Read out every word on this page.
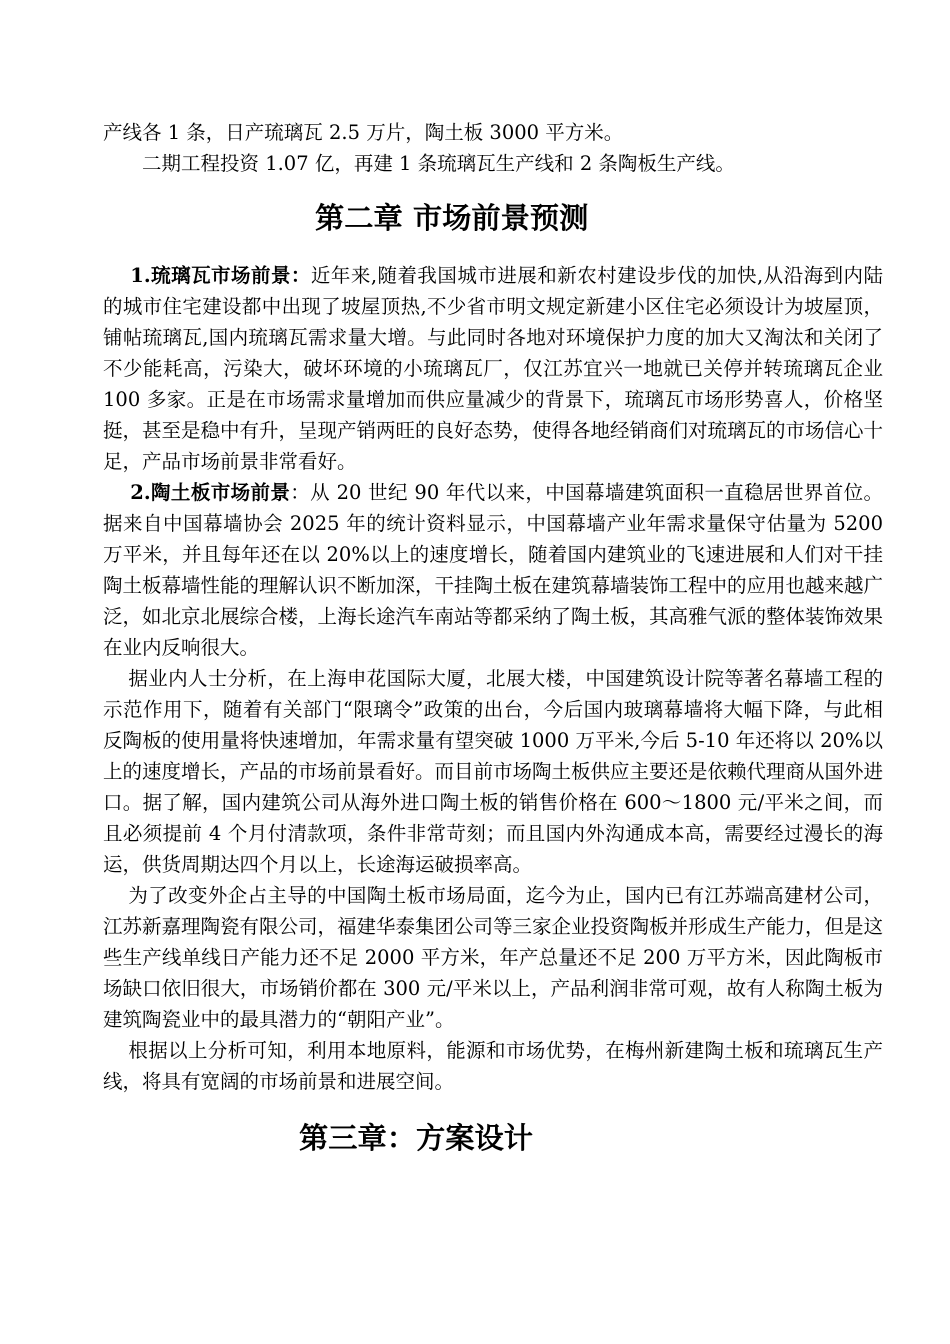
产线各 1 条，日产琉璃瓦 2.5 万片，陶土板 3000 平方米。

二期工程投资 1.07 亿，再建 1 条琉璃瓦生产线和 2 条陶板生产线。

第二章 市场前景预测

1.琉璃瓦市场前景：近年来,随着我国城市进展和新农村建设步伐的加快,从沿海到内陆的城市住宅建设都中出现了坡屋顶热,不少省市明文规定新建小区住宅必须设计为坡屋顶，铺帖琉璃瓦,国内琉璃瓦需求量大增。与此同时各地对环境保护力度的加大又淘汰和关闭了不少能耗高，污染大，破坏环境的小琉璃瓦厂，仅江苏宜兴一地就已关停并转琉璃瓦企业 100 多家。正是在市场需求量增加而供应量减少的背景下，琉璃瓦市场形势喜人，价格坚挺，甚至是稳中有升，呈现产销两旺的良好态势，使得各地经销商们对琉璃瓦的市场信心十足，产品市场前景非常看好。

2.陶土板市场前景：从 20 世纪 90 年代以来，中国幕墙建筑面积一直稳居世界首位。据来自中国幕墙协会 2025 年的统计资料显示，中国幕墙产业年需求量保守估量为 5200 万平米，并且每年还在以 20%以上的速度增长，随着国内建筑业的飞速进展和人们对干挂陶土板幕墙性能的理解认识不断加深，干挂陶土板在建筑幕墙装饰工程中的应用也越来越广泛，如北京北展综合楼，上海长途汽车南站等都采纳了陶土板，其高雅气派的整体装饰效果在业内反响很大。

据业内人士分析，在上海申花国际大厦，北展大楼，中国建筑设计院等著名幕墙工程的示范作用下，随着有关部门“限璃令”政策的出台，今后国内玻璃幕墙将大幅下降，与此相反陶板的使用量将快速增加，年需求量有望突破 1000 万平米,今后 5-10 年还将以 20%以上的速度增长，产品的市场前景看好。而目前市场陶土板供应主要还是依赖代理商从国外进口。据了解，国内建筑公司从海外进口陶土板的销售价格在 600～1800 元/平米之间，而且必须提前 4 个月付清款项，条件非常苛刻；而且国内外沟通成本高，需要经过漫长的海运，供货周期达四个月以上，长途海运破损率高。

为了改变外企占主导的中国陶土板市场局面，迄今为止，国内已有江苏端高建材公司，江苏新嘉理陶瓷有限公司，福建华泰集团公司等三家企业投资陶板并形成生产能力，但是这些生产线单线日产能力还不足 2000 平方米，年产总量还不足 200 万平方米，因此陶板市场缺口依旧很大，市场销价都在 300 元/平米以上，产品利润非常可观，故有人称陶土板为建筑陶瓷业中的最具潜力的“朝阳产业”。

根据以上分析可知，利用本地原料，能源和市场优势，在梅州新建陶土板和琉璃瓦生产线，将具有宽阔的市场前景和进展空间。

第三章：方案设计
